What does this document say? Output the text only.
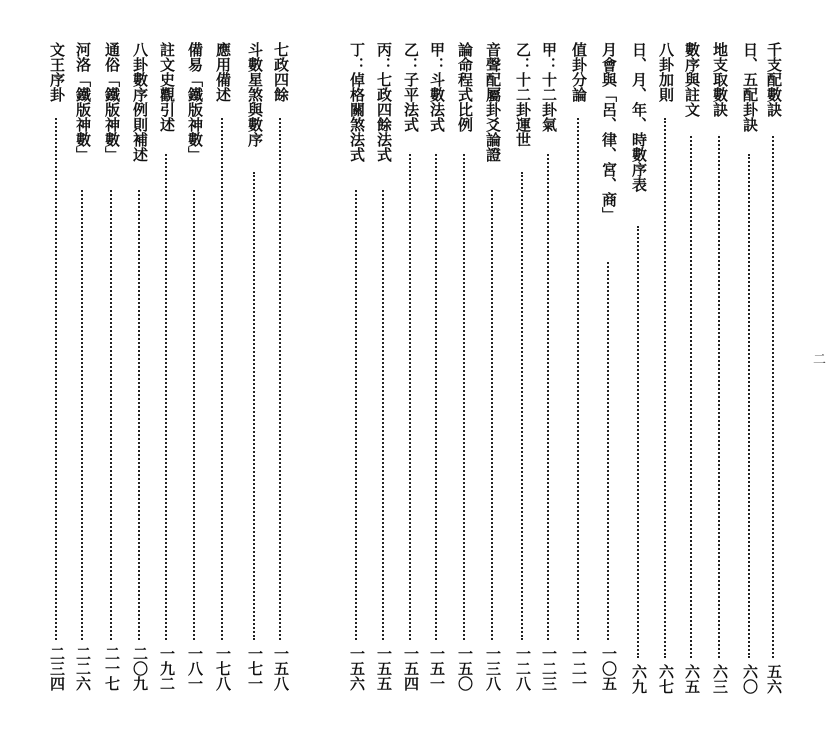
千支配數訣
五六
日、五配卦訣
六〇
地支取數訣
六三
數序與註文
六五
八卦加則
六七
日、月、年、時數序表
六九
月會與「呂、律、宮、商」
一〇五
值卦分論
一二一
甲：十二卦氣
一二三
乙：十二卦運世
一二八
音聲配屬卦爻論證
一三八
論命程式比例
一五〇
甲：斗數法式
一五一
乙：子平法式
一五四
丙：七政四餘法式
一五五
丁：倬格關煞法式
一五六
七政四餘
一五八
斗數星煞與數序
一七一
應用備述
一七八
備易「鐵版神數」
一八一
註文史觀引述
一九二
八卦數序例則補述
二〇九
通俗「鐵版神數」
二一七
河洛「鐵版神數」
二二六
文王序卦
二三四
二
